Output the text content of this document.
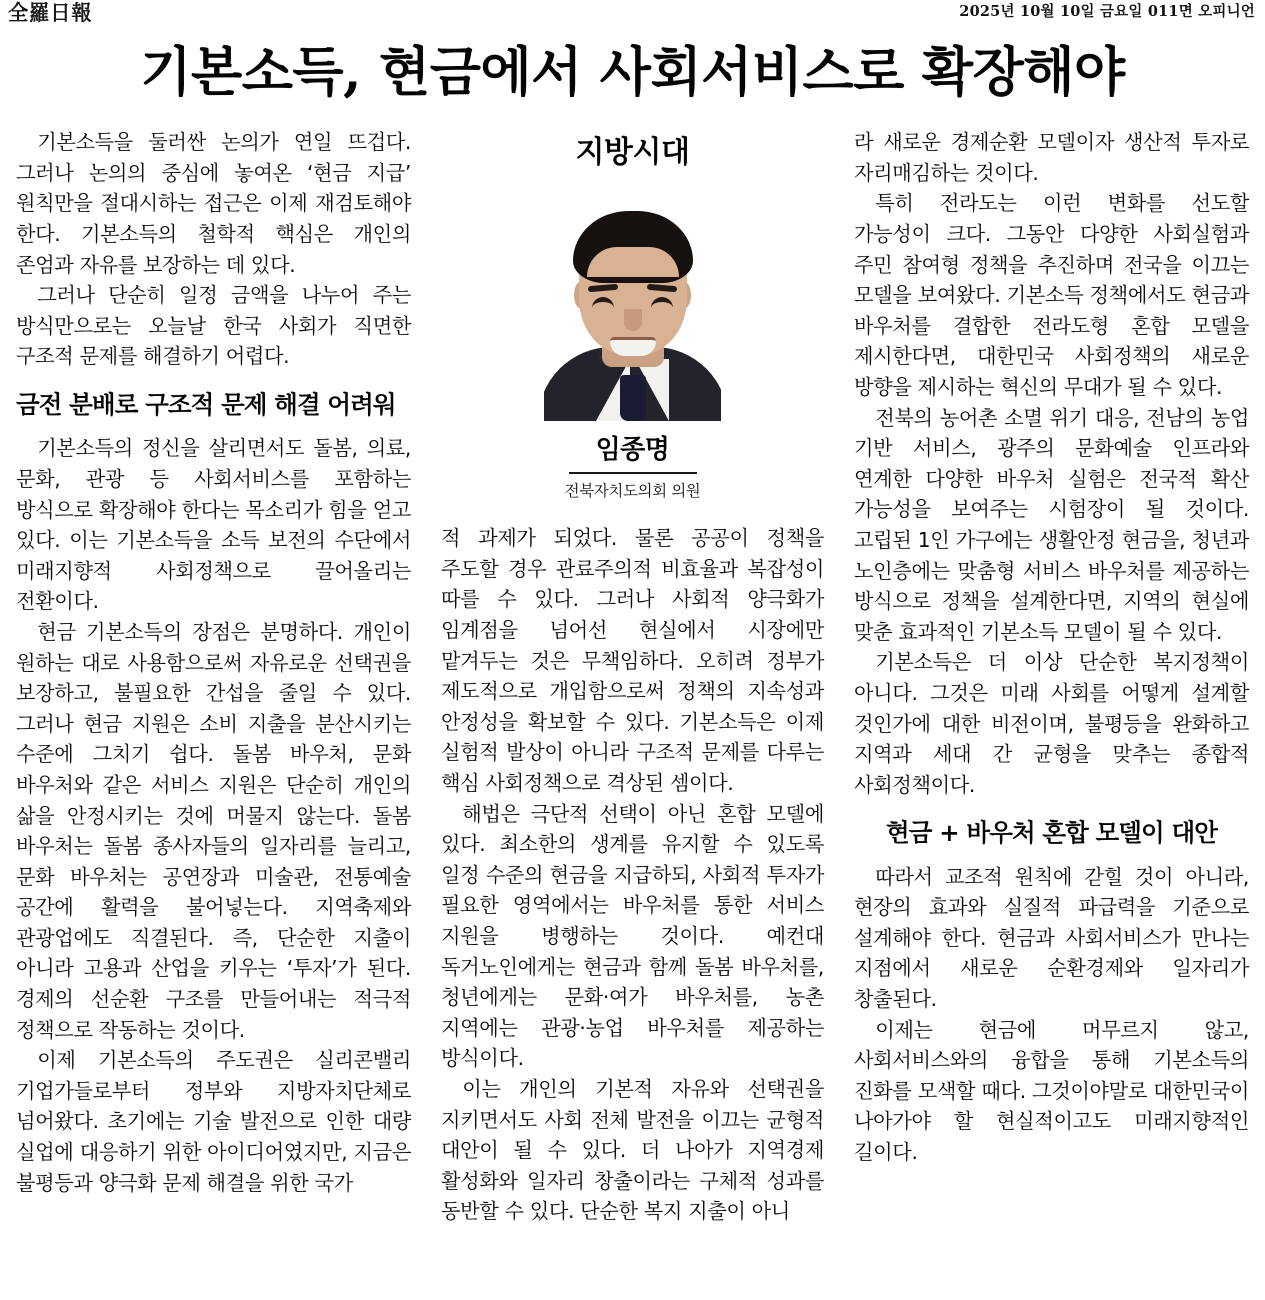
全羅日報	2025년 10월 10일 금요일 011면 오피니언
기본소득, 현금에서 사회서비스로 확장해야

기본소득을 둘러싼 논의가 연일 뜨겁다. 그러나 논의의 중심에 놓여온 ‘현금 지급’ 원칙만을 절대시하는 접근은 이제 재검토해야 한다. 기본소득의 철학적 핵심은 개인의 존엄과 자유를 보장하는 데 있다.

그러나 단순히 일정 금액을 나누어 주는 방식만으로는 오늘날 한국 사회가 직면한 구조적 문제를 해결하기 어렵다.

금전 분배로 구조적 문제 해결 어려워

기본소득의 정신을 살리면서도 돌봄, 의료, 문화, 관광 등 사회서비스를 포함하는 방식으로 확장해야 한다는 목소리가 힘을 얻고 있다. 이는 기본소득을 소득 보전의 수단에서 미래지향적 사회정책으로 끌어올리는 전환이다.

현금 기본소득의 장점은 분명하다. 개인이 원하는 대로 사용함으로써 자유로운 선택권을 보장하고, 불필요한 간섭을 줄일 수 있다. 그러나 현금 지원은 소비 지출을 분산시키는 수준에 그치기 쉽다. 돌봄 바우처, 문화 바우처와 같은 서비스 지원은 단순히 개인의 삶을 안정시키는 것에 머물지 않는다. 돌봄 바우처는 돌봄 종사자들의 일자리를 늘리고, 문화 바우처는 공연장과 미술관, 전통예술 공간에 활력을 불어넣는다. 지역축제와 관광업에도 직결된다. 즉, 단순한 지출이 아니라 고용과 산업을 키우는 ‘투자’가 된다. 경제의 선순환 구조를 만들어내는 적극적 정책으로 작동하는 것이다.

이제 기본소득의 주도권은 실리콘밸리 기업가들로부터 정부와 지방자치단체로 넘어왔다. 초기에는 기술 발전으로 인한 대량 실업에 대응하기 위한 아이디어였지만, 지금은 불평등과 양극화 문제 해결을 위한 국가

지방시대
임종명
전북자치도의회 의원

적 과제가 되었다. 물론 공공이 정책을 주도할 경우 관료주의적 비효율과 복잡성이 따를 수 있다. 그러나 사회적 양극화가 임계점을 넘어선 현실에서 시장에만 맡겨두는 것은 무책임하다. 오히려 정부가 제도적으로 개입함으로써 정책의 지속성과 안정성을 확보할 수 있다. 기본소득은 이제 실험적 발상이 아니라 구조적 문제를 다루는 핵심 사회정책으로 격상된 셈이다.

해법은 극단적 선택이 아닌 혼합 모델에 있다. 최소한의 생계를 유지할 수 있도록 일정 수준의 현금을 지급하되, 사회적 투자가 필요한 영역에서는 바우처를 통한 서비스 지원을 병행하는 것이다. 예컨대 독거노인에게는 현금과 함께 돌봄 바우처를, 청년에게는 문화·여가 바우처를, 농촌 지역에는 관광·농업 바우처를 제공하는 방식이다.

이는 개인의 기본적 자유와 선택권을 지키면서도 사회 전체 발전을 이끄는 균형적 대안이 될 수 있다. 더 나아가 지역경제 활성화와 일자리 창출이라는 구체적 성과를 동반할 수 있다. 단순한 복지 지출이 아니

라 새로운 경제순환 모델이자 생산적 투자로 자리매김하는 것이다.

특히 전라도는 이런 변화를 선도할 가능성이 크다. 그동안 다양한 사회실험과 주민 참여형 정책을 추진하며 전국을 이끄는 모델을 보여왔다. 기본소득 정책에서도 현금과 바우처를 결합한 전라도형 혼합 모델을 제시한다면, 대한민국 사회정책의 새로운 방향을 제시하는 혁신의 무대가 될 수 있다.

전북의 농어촌 소멸 위기 대응, 전남의 농업 기반 서비스, 광주의 문화예술 인프라와 연계한 다양한 바우처 실험은 전국적 확산 가능성을 보여주는 시험장이 될 것이다. 고립된 1인 가구에는 생활안정 현금을, 청년과 노인층에는 맞춤형 서비스 바우처를 제공하는 방식으로 정책을 설계한다면, 지역의 현실에 맞춘 효과적인 기본소득 모델이 될 수 있다.

기본소득은 더 이상 단순한 복지정책이 아니다. 그것은 미래 사회를 어떻게 설계할 것인가에 대한 비전이며, 불평등을 완화하고 지역과 세대 간 균형을 맞추는 종합적 사회정책이다.

현금 + 바우처 혼합 모델이 대안

따라서 교조적 원칙에 갇힐 것이 아니라, 현장의 효과와 실질적 파급력을 기준으로 설계해야 한다. 현금과 사회서비스가 만나는 지점에서 새로운 순환경제와 일자리가 창출된다.

이제는 현금에 머무르지 않고, 사회서비스와의 융합을 통해 기본소득의 진화를 모색할 때다. 그것이야말로 대한민국이 나아가야 할 현실적이고도 미래지향적인 길이다.
